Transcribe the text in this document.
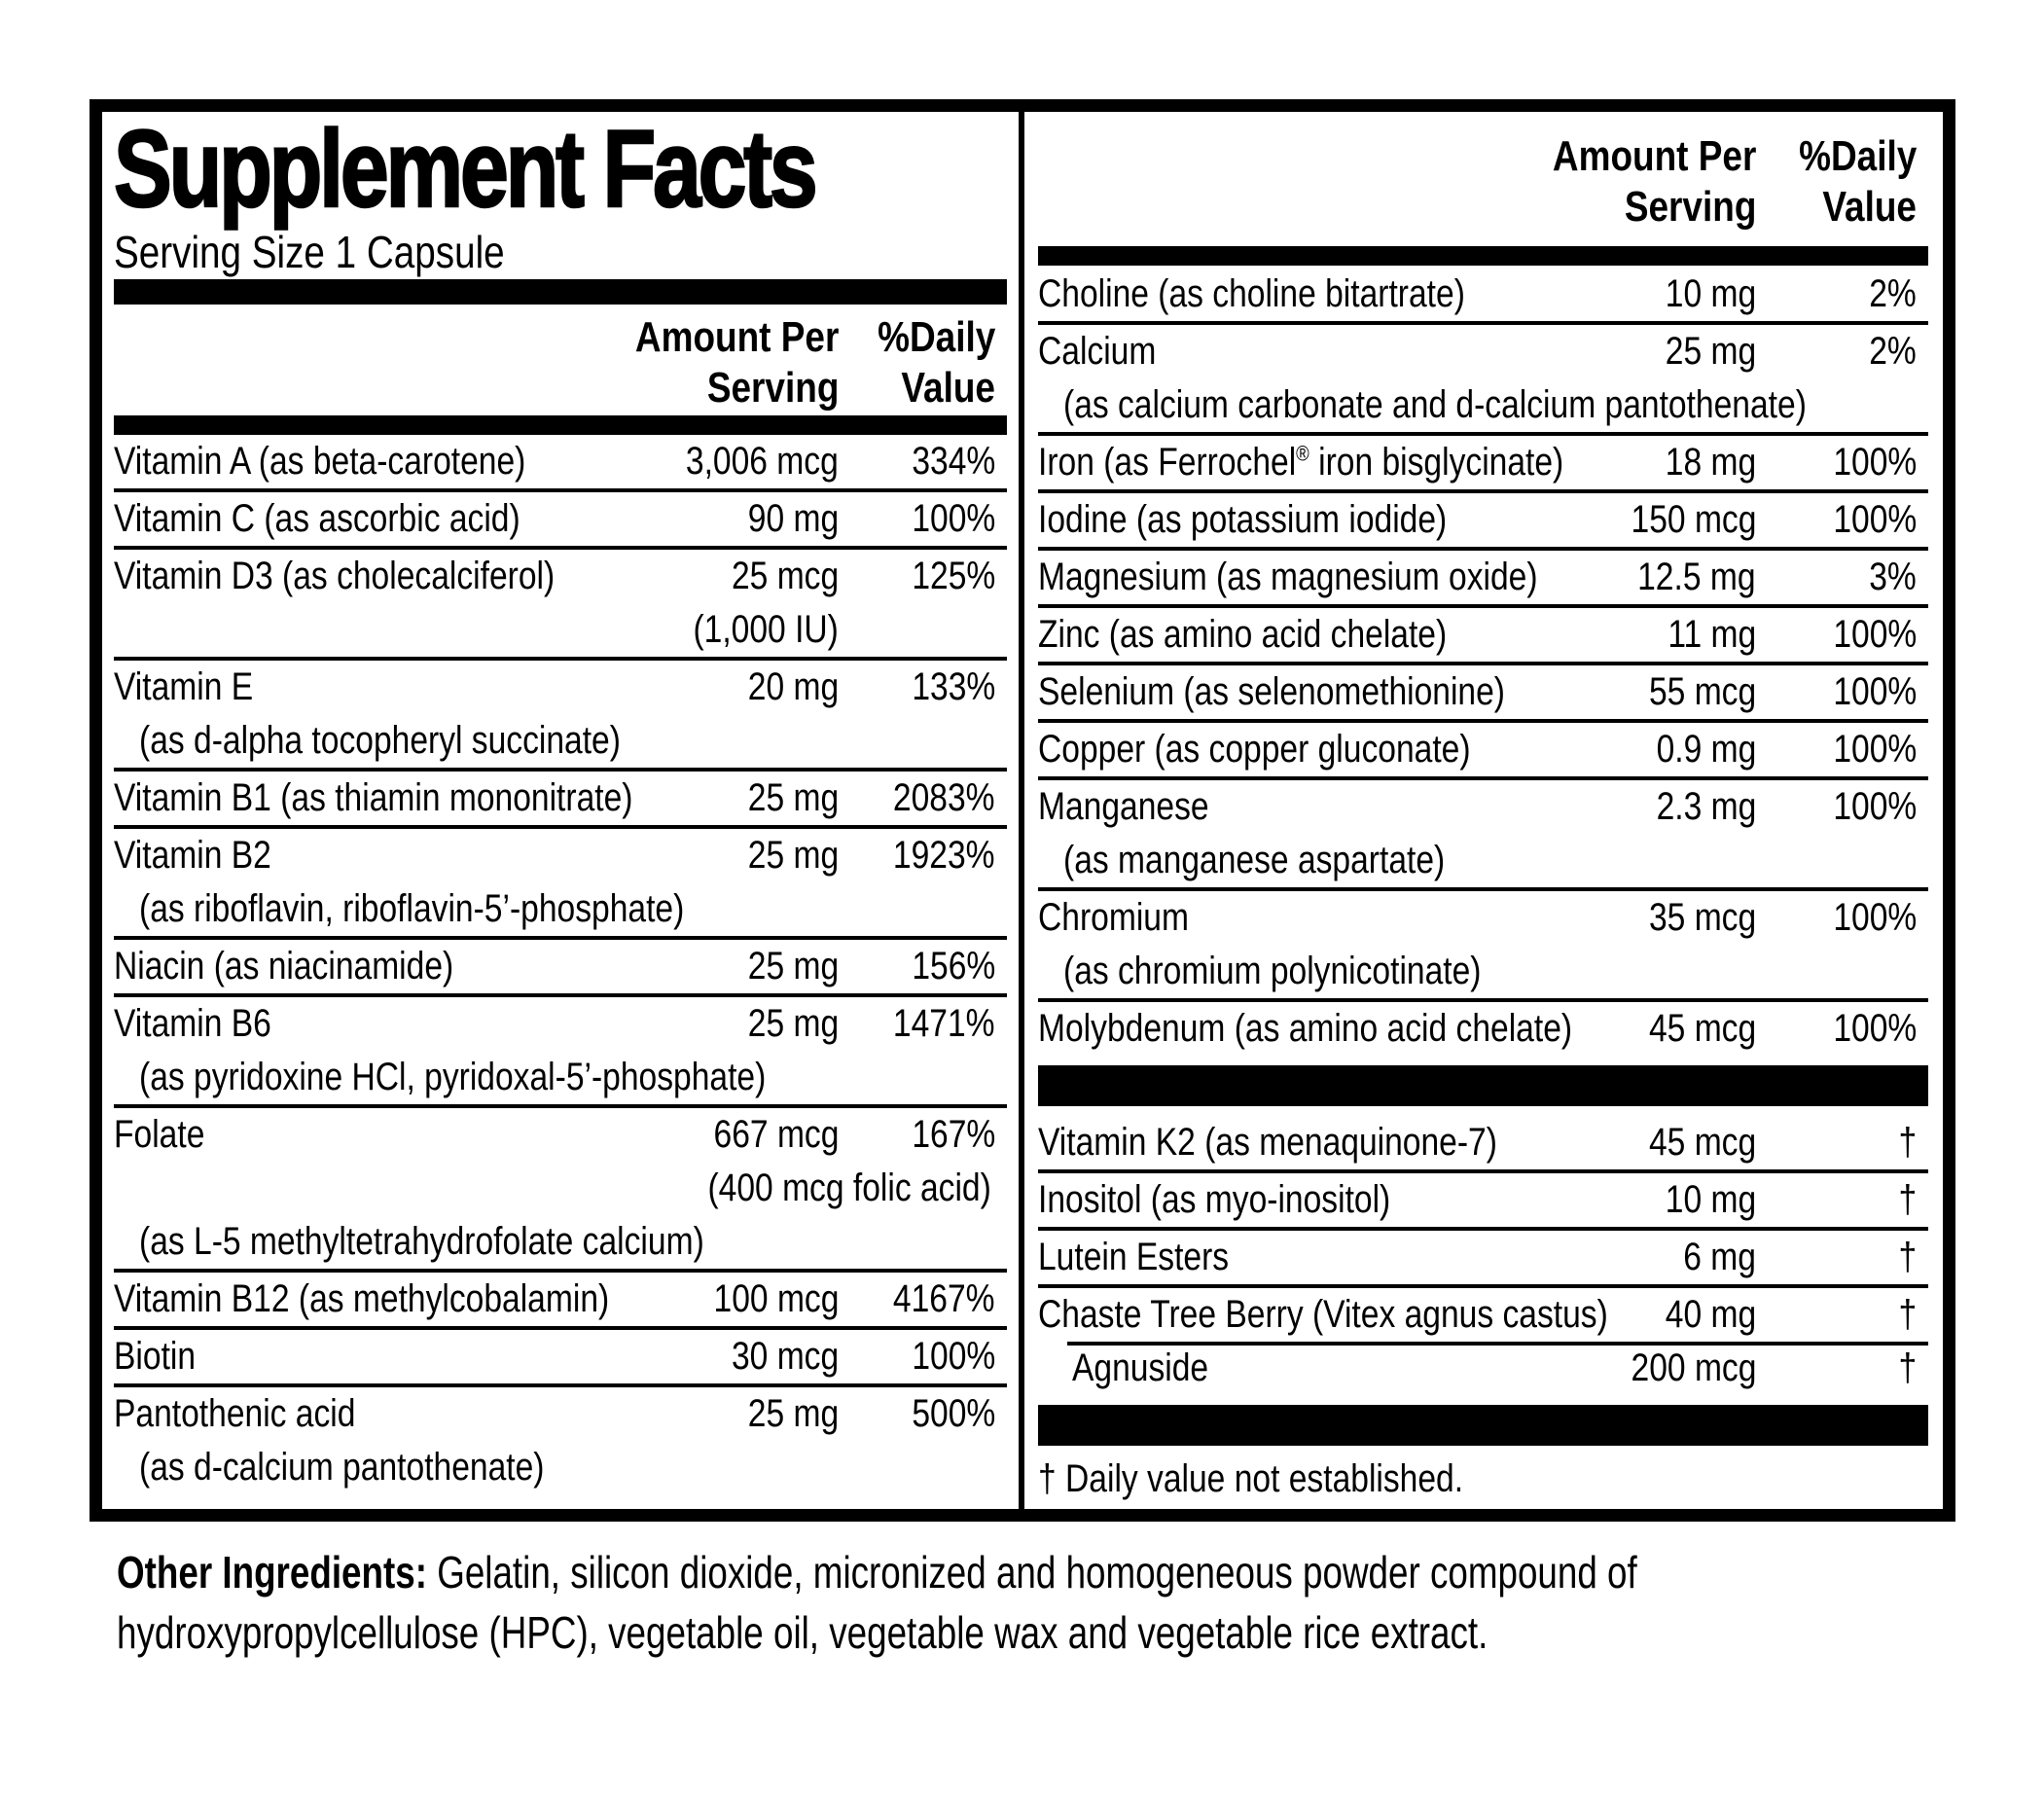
Supplement Facts
Serving Size 1 Capsule
Amount Per %Daily
Serving	Value
Vitamin A (as beta-carotene)	3,006 mcg	334%
Vitamin C (as ascorbic acid)	90 mg	100%
Vitamin D3 (as cholecalciferol)	25 mcg	125%
(1,000 IU)
Vitamin E	20 mg	133%
(as d-alpha tocopheryl succinate)
Vitamin B1 (as thiamin mononitrate)	25 mg	2083%
Vitamin B2	25 mg	1923%
(as riboflavin, riboflavin-5’-phosphate)
Niacin (as niacinamide)	25 mg	156%
Vitamin B6	25 mg	1471%
(as pyridoxine HCl, pyridoxal-5’-phosphate)
Folate	667 mcg	167%
(400 mcg folic acid)
(as L-5 methyltetrahydrofolate calcium)
Vitamin B12 (as methylcobalamin)	100 mcg	4167%
Biotin	30 mcg	100%
Pantothenic acid	25 mg	500%
(as d-calcium pantothenate)
Amount Per %Daily
Serving	Value
Choline (as choline bitartrate)	10 mg	2%
Calcium	25 mg	2%
(as calcium carbonate and d-calcium pantothenate)
Iron (as Ferrochel® iron bisglycinate)	18 mg	100%
Iodine (as potassium iodide)	150 mcg	100%
Magnesium (as magnesium oxide)	12.5 mg	3%
Zinc (as amino acid chelate)	11 mg	100%
Selenium (as selenomethionine)	55 mcg	100%
Copper (as copper gluconate)	0.9 mg	100%
Manganese	2.3 mg	100%
(as manganese aspartate)
Chromium	35 mcg	100%
(as chromium polynicotinate)
Molybdenum (as amino acid chelate)	45 mcg	100%
Vitamin K2 (as menaquinone-7)	45 mcg	†
Inositol (as myo-inositol)	10 mg	†
Lutein Esters	6 mg	†
Chaste Tree Berry (Vitex agnus castus)	40 mg	†
Agnuside	200 mcg	†
† Daily value not established.
Other Ingredients: Gelatin, silicon dioxide, micronized and homogeneous powder compound of
hydroxypropylcellulose (HPC), vegetable oil, vegetable wax and vegetable rice extract.
